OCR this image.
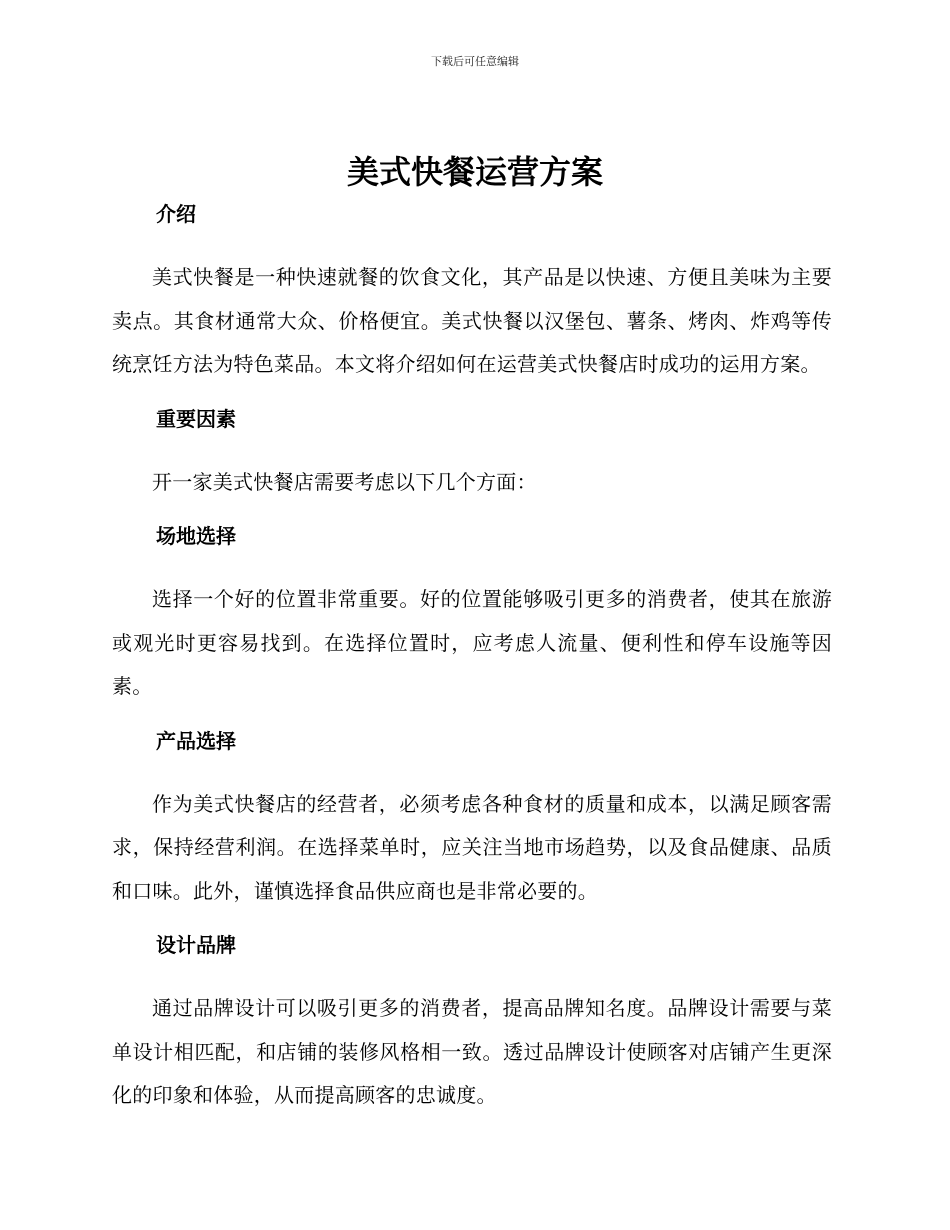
下载后可任意编辑
美式快餐运营方案
介绍

美式快餐是一种快速就餐的饮食文化，其产品是以快速、方便且美味为主要卖点。其食材通常大众、价格便宜。美式快餐以汉堡包、薯条、烤肉、炸鸡等传统烹饪方法为特色菜品。本文将介绍如何在运营美式快餐店时成功的运用方案。

重要因素

开一家美式快餐店需要考虑以下几个方面：

场地选择

选择一个好的位置非常重要。好的位置能够吸引更多的消费者，使其在旅游或观光时更容易找到。在选择位置时，应考虑人流量、便利性和停车设施等因素。

产品选择

作为美式快餐店的经营者，必须考虑各种食材的质量和成本，以满足顾客需求，保持经营利润。在选择菜单时，应关注当地市场趋势，以及食品健康、品质和口味。此外，谨慎选择食品供应商也是非常必要的。

设计品牌

通过品牌设计可以吸引更多的消费者，提高品牌知名度。品牌设计需要与菜单设计相匹配，和店铺的装修风格相一致。透过品牌设计使顾客对店铺产生更深化的印象和体验，从而提高顾客的忠诚度。
